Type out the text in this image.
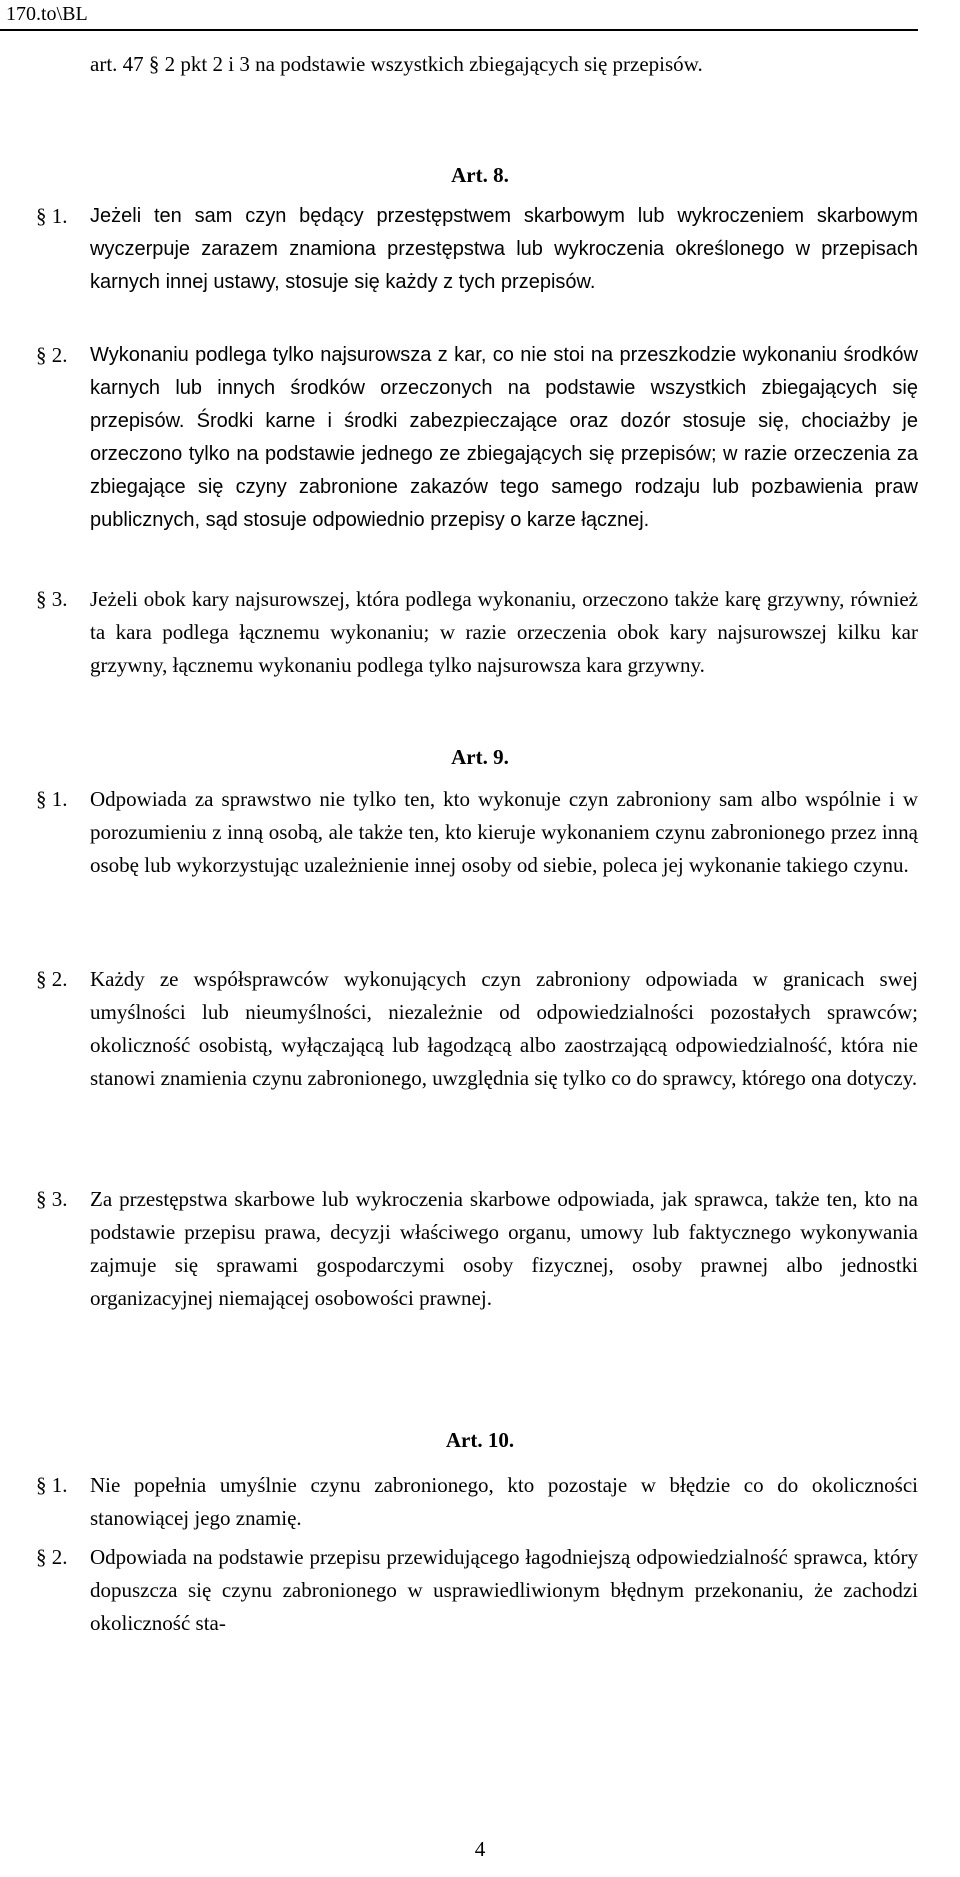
170.to\BL
art. 47 § 2 pkt 2 i 3 na podstawie wszystkich zbiegających się przepisów.
Art. 8.
§ 1. Jeżeli ten sam czyn będący przestępstwem skarbowym lub wykroczeniem skarbowym wyczerpuje zarazem znamiona przestępstwa lub wykroczenia określonego w przepisach karnych innej ustawy, stosuje się każdy z tych przepisów.
§ 2. Wykonaniu podlega tylko najsurowsza z kar, co nie stoi na przeszkodzie wykonaniu środków karnych lub innych środków orzeczonych na podstawie wszystkich zbiegających się przepisów. Środki karne i środki zabezpieczające oraz dozór stosuje się, chociażby je orzeczono tylko na podstawie jednego ze zbiegających się przepisów; w razie orzeczenia za zbiegające się czyny zabronione zakazów tego samego rodzaju lub pozbawienia praw publicznych, sąd stosuje odpowiednio przepisy o karze łącznej.
§ 3. Jeżeli obok kary najsurowszej, która podlega wykonaniu, orzeczono także karę grzywny, również ta kara podlega łącznemu wykonaniu; w razie orzeczenia obok kary najsurowszej kilku kar grzywny, łącznemu wykonaniu podlega tylko najsurowsza kara grzywny.
Art. 9.
§ 1. Odpowiada za sprawstwo nie tylko ten, kto wykonuje czyn zabroniony sam albo wspólnie i w porozumieniu z inną osobą, ale także ten, kto kieruje wykonaniem czynu zabronionego przez inną osobę lub wykorzystując uzależnienie innej osoby od siebie, poleca jej wykonanie takiego czynu.
§ 2. Każdy ze współsprawców wykonujących czyn zabroniony odpowiada w granicach swej umyślności lub nieumyślności, niezależnie od odpowiedzialności pozostałych sprawców; okoliczność osobistą, wyłączającą lub łagodzącą albo zaostrzającą odpowiedzialność, która nie stanowi znamienia czynu zabronionego, uwzględnia się tylko co do sprawcy, którego ona dotyczy.
§ 3. Za przestępstwa skarbowe lub wykroczenia skarbowe odpowiada, jak sprawca, także ten, kto na podstawie przepisu prawa, decyzji właściwego organu, umowy lub faktycznego wykonywania zajmuje się sprawami gospodarczymi osoby fizycznej, osoby prawnej albo jednostki organizacyjnej niemającej osobowości prawnej.
Art. 10.
§ 1. Nie popełnia umyślnie czynu zabronionego, kto pozostaje w błędzie co do okoliczności stanowiącej jego znamię.
§ 2. Odpowiada na podstawie przepisu przewidującego łagodniejszą odpowiedzialność sprawca, który dopuszcza się czynu zabronionego w usprawiedliwionym błędnym przekonaniu, że zachodzi okoliczność sta-
4
